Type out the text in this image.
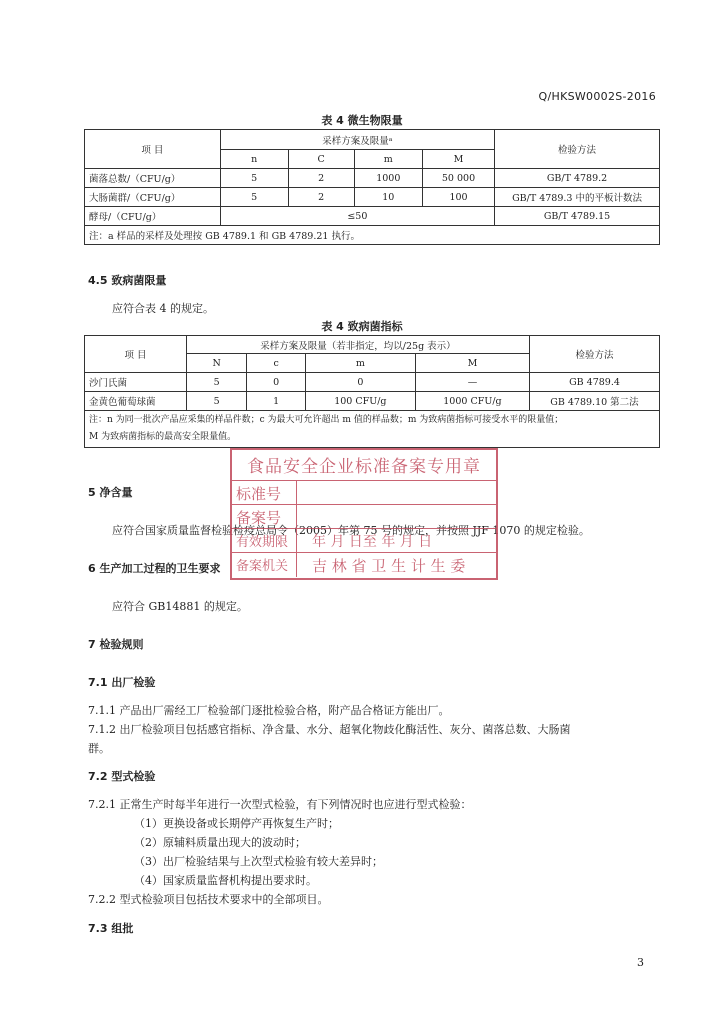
Q/HKSW0002S-2016
表 4 微生物限量
项 目	采样方案及限量ᵃ				检验方法
	n	C	m	M	
菌落总数/（CFU/g）	5	2	1000	50 000	GB/T 4789.2
大肠菌群/（CFU/g）	5	2	10	100	GB/T 4789.3 中的平板计数法
酵母/（CFU/g）	≤50				GB/T 4789.15
注：a 样品的采样及处理按 GB 4789.1 和 GB 4789.21 执行。					
4.5 致病菌限量
应符合表 4 的规定。
表 4 致病菌指标
项 目	采样方案及限量（若非指定，均以/25g 表示）				检验方法
	N	c	m	M	
沙门氏菌	5	0	0	—	GB 4789.4
金黄色葡萄球菌	5	1	100 CFU/g	1000 CFU/g	GB 4789.10 第二法

注：n 为同一批次产品应采集的样品件数；c 为最大可允许超出 m 值的样品数；m 为致病菌指标可接受水平的限量值；
M 为致病菌指标的最高安全限量值。					
5 净含量
应符合国家质量监督检验检疫总局令（2005）年第 75 号的规定，并按照 JJF 1070 的规定检验。
6 生产加工过程的卫生要求
应符合 GB14881 的规定。
食品安全企业标准备案专用章
标准号
备案号
有效期限 年 月 日至 年 月 日
备案机关 吉 林 省 卫 生 计 生 委
7 检验规则
7.1 出厂检验
7.1.1 产品出厂需经工厂检验部门逐批检验合格，附产品合格证方能出厂。
7.1.2 出厂检验项目包括感官指标、净含量、水分、超氧化物歧化酶活性、灰分、菌落总数、大肠菌
群。
7.2 型式检验
7.2.1 正常生产时每半年进行一次型式检验，有下列情况时也应进行型式检验：
（1）更换设备或长期停产再恢复生产时；
（2）原辅料质量出现大的波动时；
（3）出厂检验结果与上次型式检验有较大差异时；
（4）国家质量监督机构提出要求时。
7.2.2 型式检验项目包括技术要求中的全部项目。
7.3 组批
3
